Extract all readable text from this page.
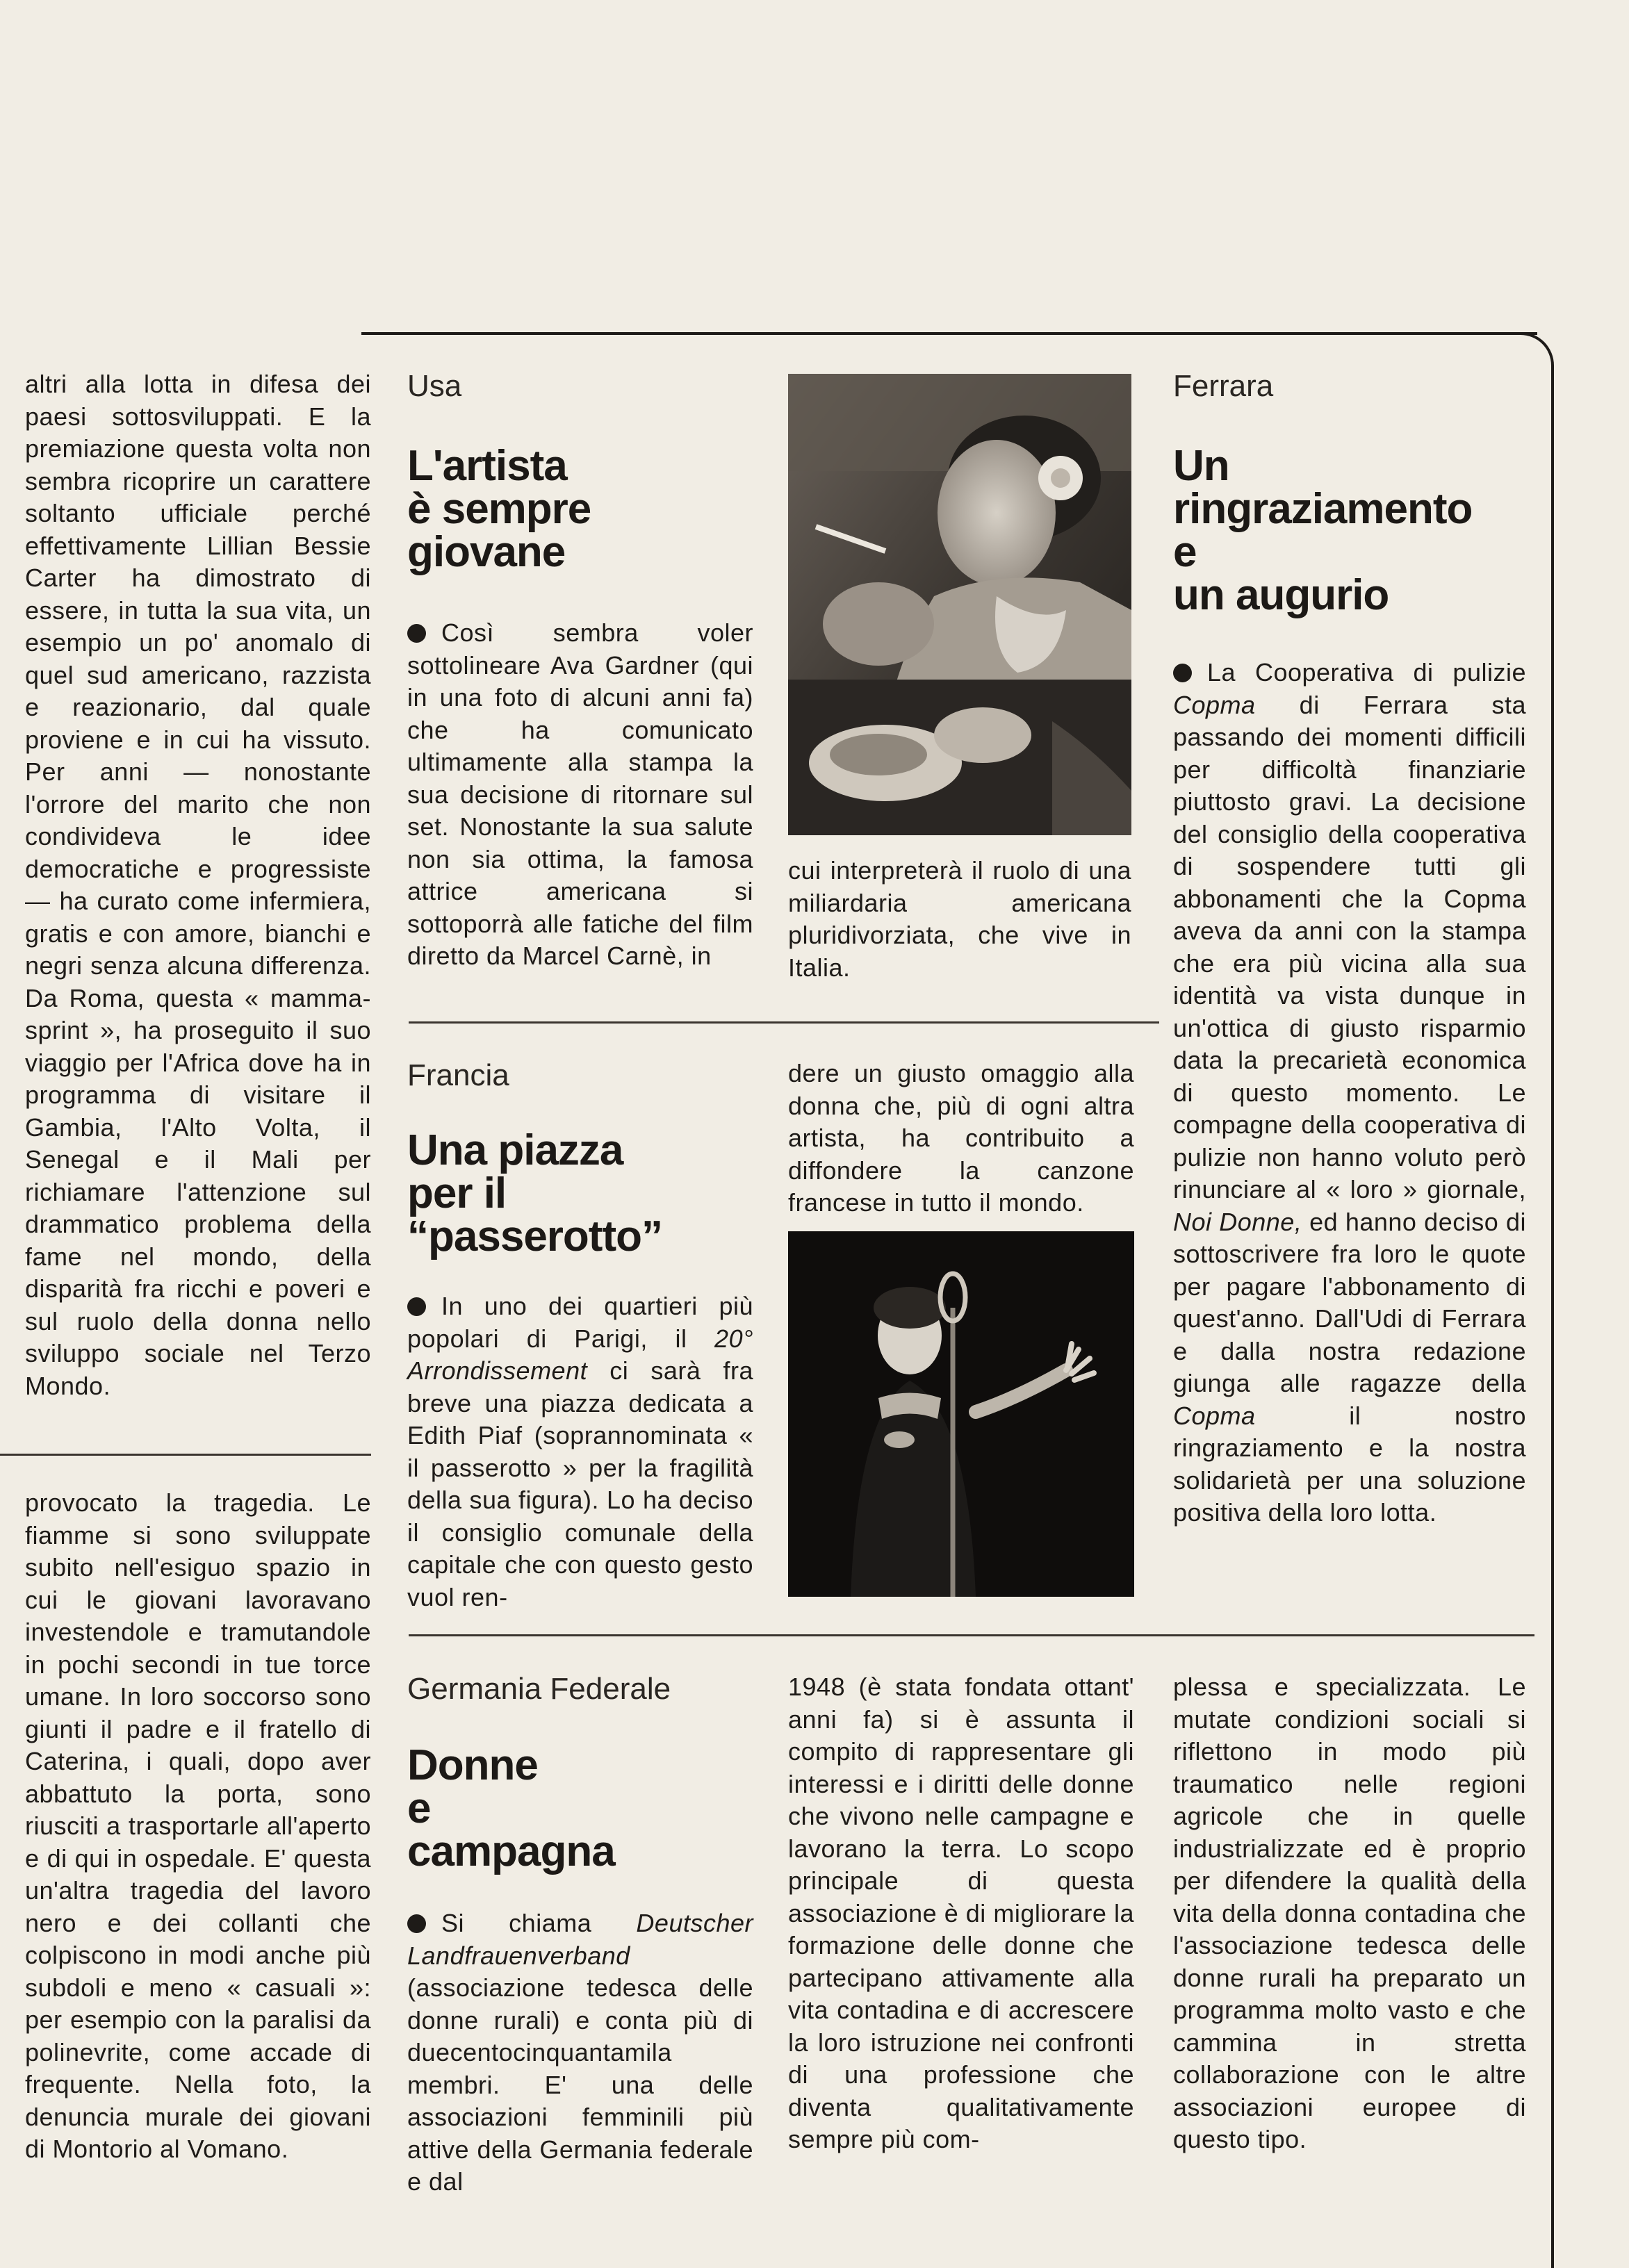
altri alla lotta in difesa dei paesi sottosviluppati. E la premiazione questa volta non sembra ricoprire un carattere soltanto ufficiale perché effettivamente Lillian Bessie Carter ha dimostrato di essere, in tutta la sua vita, un esempio un po' anomalo di quel sud americano, razzista e reazionario, dal quale proviene e in cui ha vissuto. Per anni — nonostante l'orrore del marito che non condivideva le idee democratiche e progressiste — ha curato come infermiera, gratis e con amore, bianchi e negri senza alcuna differenza. Da Roma, questa « mamma-sprint », ha proseguito il suo viaggio per l'Africa dove ha in programma di visitare il Gambia, l'Alto Volta, il Senegal e il Mali per richiamare l'attenzione sul drammatico problema della fame nel mondo, della disparità fra ricchi e poveri e sul ruolo della donna nello sviluppo sociale nel Terzo Mondo.

provocato la tragedia. Le fiamme si sono sviluppate subito nell'esiguo spazio in cui le giovani lavoravano investendole e tramutandole in pochi secondi in tue torce umane. In loro soccorso sono giunti il padre e il fratello di Caterina, i quali, dopo aver abbattuto la porta, sono riusciti a trasportarle all'aperto e di qui in ospedale. E' questa un'altra tragedia del lavoro nero e dei collanti che colpiscono in modi anche più subdoli e meno « casuali »: per esempio con la paralisi da polinevrite, come accade di frequente. Nella foto, la denuncia murale dei giovani di Montorio al Vomano.

Usa
L'artista
è sempre
giovane

Così sembra voler sottolineare Ava Gardner (qui in una foto di alcuni anni fa) che ha comunicato ultimamente alla stampa la sua decisione di ritornare sul set. Nonostante la sua salute non sia ottima, la famosa attrice americana si sottoporrà alle fatiche del film diretto da Marcel Carnè, in

cui interpreterà il ruolo di una miliardaria americana pluridivorziata, che vive in Italia.

Francia
Una piazza
per il
“passerotto”

In uno dei quartieri più popolari di Parigi, il 20° Arrondissement ci sarà fra breve una piazza dedicata a Edith Piaf (soprannominata « il passerotto » per la fragilità della sua figura). Lo ha deciso il consiglio comunale della capitale che con questo gesto vuol ren-

dere un giusto omaggio alla donna che, più di ogni altra artista, ha contribuito a diffondere la canzone francese in tutto il mondo.

Ferrara
Un
ringraziamento
e
un augurio

La Cooperativa di pulizie Copma di Ferrara sta passando dei momenti difficili per difficoltà finanziarie piuttosto gravi. La decisione del consiglio della cooperativa di sospendere tutti gli abbonamenti che la Copma aveva da anni con la stampa che era più vicina alla sua identità va vista dunque in un'ottica di giusto risparmio data la precarietà economica di questo momento. Le compagne della cooperativa di pulizie non hanno voluto però rinunciare al « loro » giornale, Noi Donne, ed hanno deciso di sottoscrivere fra loro le quote per pagare l'abbonamento di quest'anno. Dall'Udi di Ferrara e dalla nostra redazione giunga alle ragazze della Copma il nostro ringraziamento e la nostra solidarietà per una soluzione positiva della loro lotta.

Germania Federale
Donne
e
campagna

Si chiama Deutscher Landfrauenverband (associazione tedesca delle donne rurali) e conta più di duecentocinquantamila membri. E' una delle associazioni femminili più attive della Germania federale e dal

1948 (è stata fondata ottant' anni fa) si è assunta il compito di rappresentare gli interessi e i diritti delle donne che vivono nelle campagne e lavorano la terra. Lo scopo principale di questa associazione è di migliorare la formazione delle donne che partecipano attivamente alla vita contadina e di accrescere la loro istruzione nei confronti di una professione che diventa qualitativamente sempre più com-

plessa e specializzata. Le mutate condizioni sociali si riflettono in modo più traumatico nelle regioni agricole che in quelle industrializzate ed è proprio per difendere la qualità della vita della donna contadina che l'associazione tedesca delle donne rurali ha preparato un programma molto vasto e che cammina in stretta collaborazione con le altre associazioni europee di questo tipo.
